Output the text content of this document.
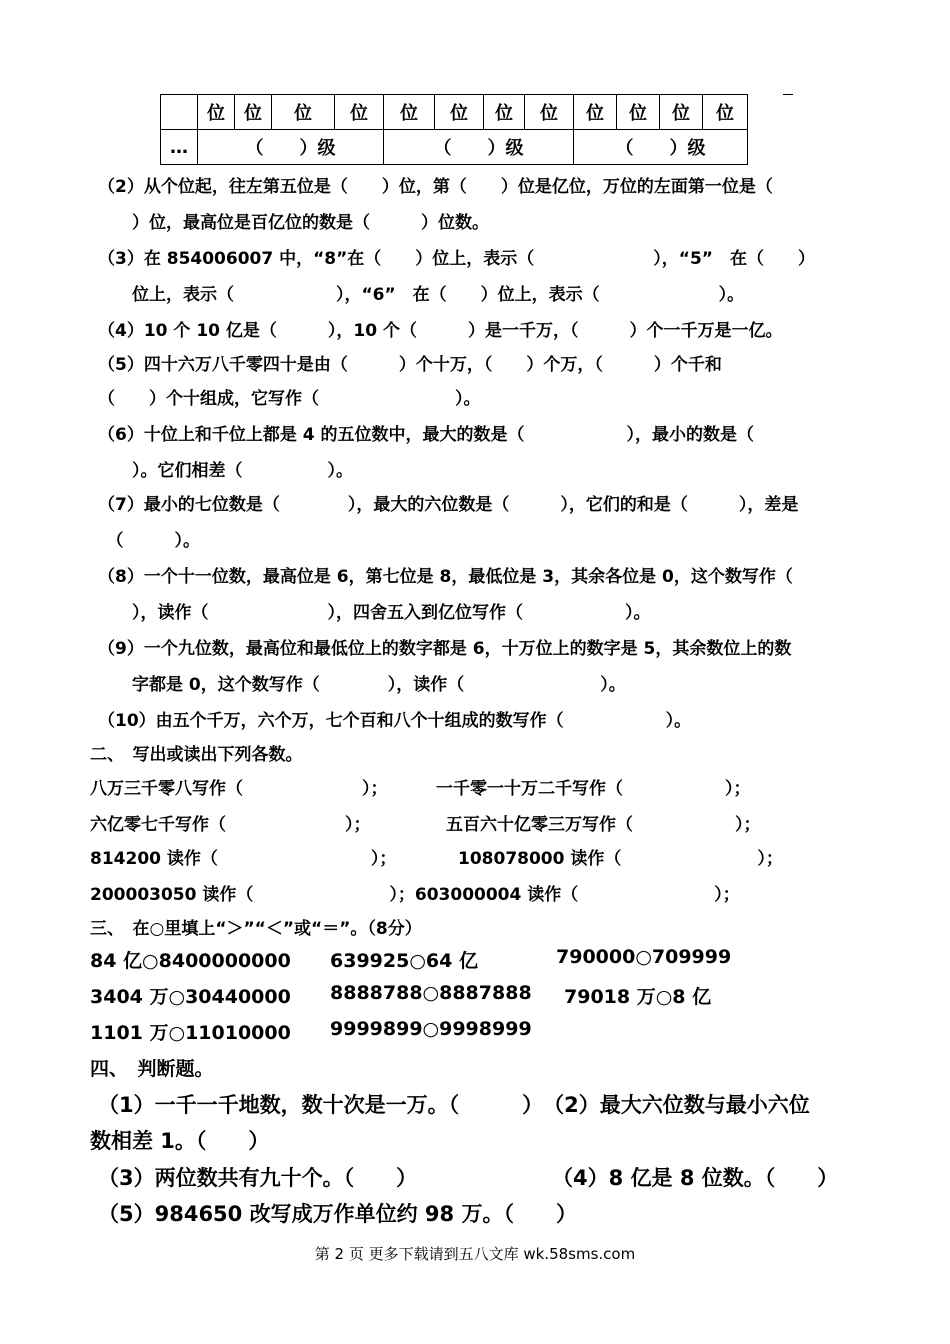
	位	位	位	位	位	位	位	位	位	位	位	位
…	（　　）级				（　　）级				（　　）级			
（2）从个位起，往左第五位是（　　）位，第（　　）位是亿位，万位的左面第一位是（
　　）位，最高位是百亿位的数是（　　　）位数。
（3）在 854006007 中，“8”在（　　）位上，表示（　　　　　　　），“5”　在（　　）
　　位上，表示（　　　　　　），“6”　在（　　）位上，表示（　　　　　　　）。
（4）10 个 10 亿是（　　　），10 个（　　　）是一千万，（　　　）个一千万是一亿。
（5）四十六万八千零四十是由（　　　）个十万，（　　）个万，（　　　）个千和
（　　）个十组成，它写作（　　　　　　　　）。
（6）十位上和千位上都是 4 的五位数中，最大的数是（　　　　　　），最小的数是（
　　）。它们相差（　　　　　）。
（7）最小的七位数是（　　　　），最大的六位数是（　　　），它们的和是（　　　），差是
　（　　　）。
（8）一个十一位数，最高位是 6，第七位是 8，最低位是 3，其余各位是 0，这个数写作（
　　），读作（　　　　　　　），四舍五入到亿位写作（　　　　　　）。
（9）一个九位数，最高位和最低位上的数字都是 6，十万位上的数字是 5，其余数位上的数
　　字都是 0，这个数写作（　　　　），读作（　　　　　　　　）。
（10）由五个千万，六个万，七个百和八个十组成的数写作（　　　　　　）。
二、　写出或读出下列各数。
八万三千零八写作（　　　　　　　）；	一千零一十万二千写作（　　　　　　）；
六亿零七千写作（　　　　　　　）；	五百六十亿零三万写作（　　　　　　）；
814200 读作（　　　　　　　　　）；	108078000 读作（　　　　　　　　）；
200003050 读作（　　　　　　　　）；603000004 读作（　　　　　　　　）；
三、　在○里填上“＞”“＜”或“＝”。（8分）
84 亿○8400000000 639925○64 亿	790000○709999
3404 万○30440000 8888788○8887888 79018 万○8 亿
1101 万○11010000 9999899○9998999
四、　判断题。
（1）一千一千地数，数十次是一万。（　　　）　（2）最大六位数与最小六位
数相差 1。（　　）
（3）两位数共有九十个。（　　）	（4）8 亿是 8 位数。（　　）
（5）984650 改写成万作单位约 98 万。（　　）
第 2 页 更多下载请到五八文库 wk.58sms.com
